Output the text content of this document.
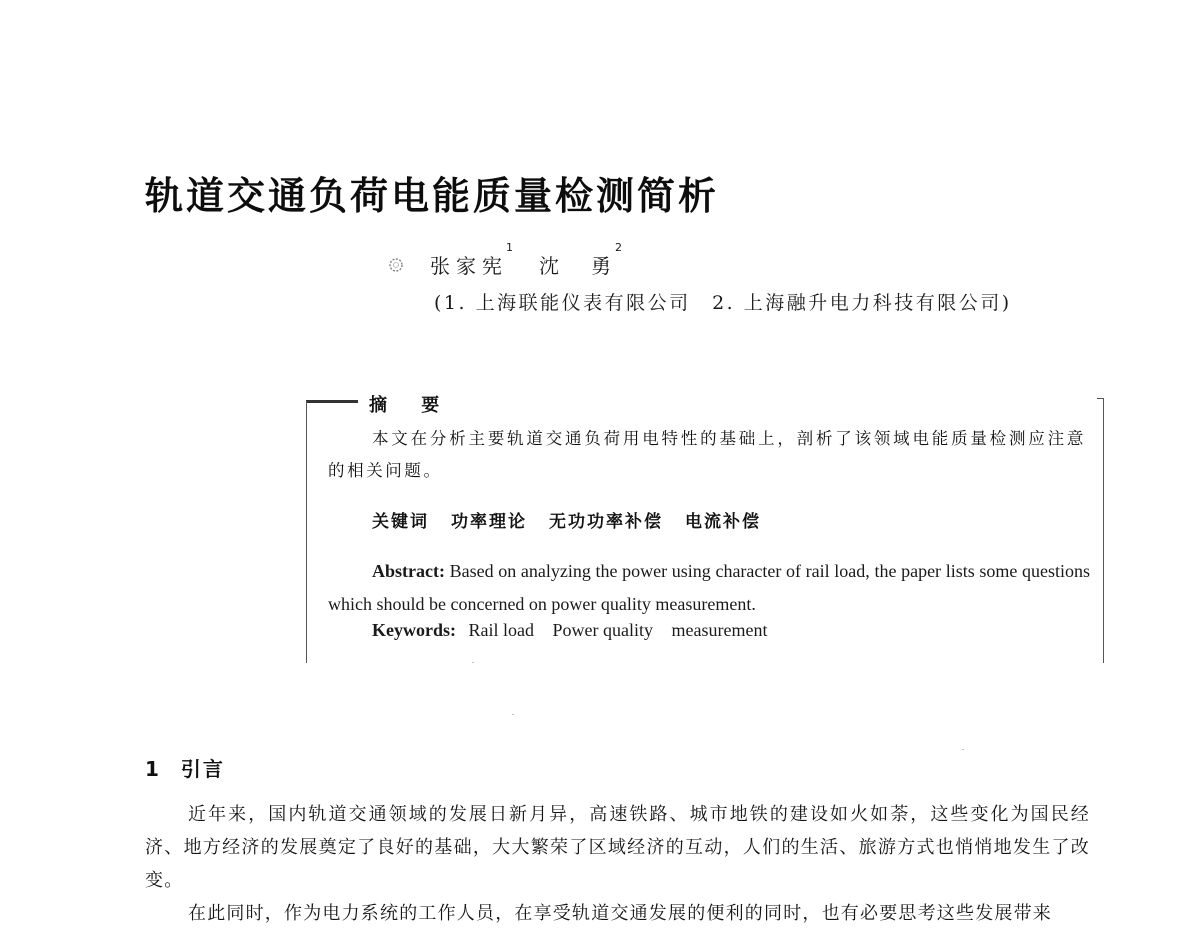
轨道交通负荷电能质量检测简析
张家宪
1
沈　勇
2
(1. 上海联能仪表有限公司　2. 上海融升电力科技有限公司)
摘 要

本文在分析主要轨道交通负荷用电特性的基础上，剖析了该领域电能质量检测应注意的相关问题。

关键词 功率理论 无功功率补偿 电流补偿

Abstract: Based on analyzing the power using character of rail load, the paper lists some questions which should be concerned on power quality measurement.

Keywords: Rail load Power quality measurement
1 引言

近年来，国内轨道交通领域的发展日新月异，高速铁路、城市地铁的建设如火如荼，这些变化为国民经济、地方经济的发展奠定了良好的基础，大大繁荣了区域经济的互动，人们的生活、旅游方式也悄悄地发生了改变。

在此同时，作为电力系统的工作人员，在享受轨道交通发展的便利的同时，也有必要思考这些发展带来
